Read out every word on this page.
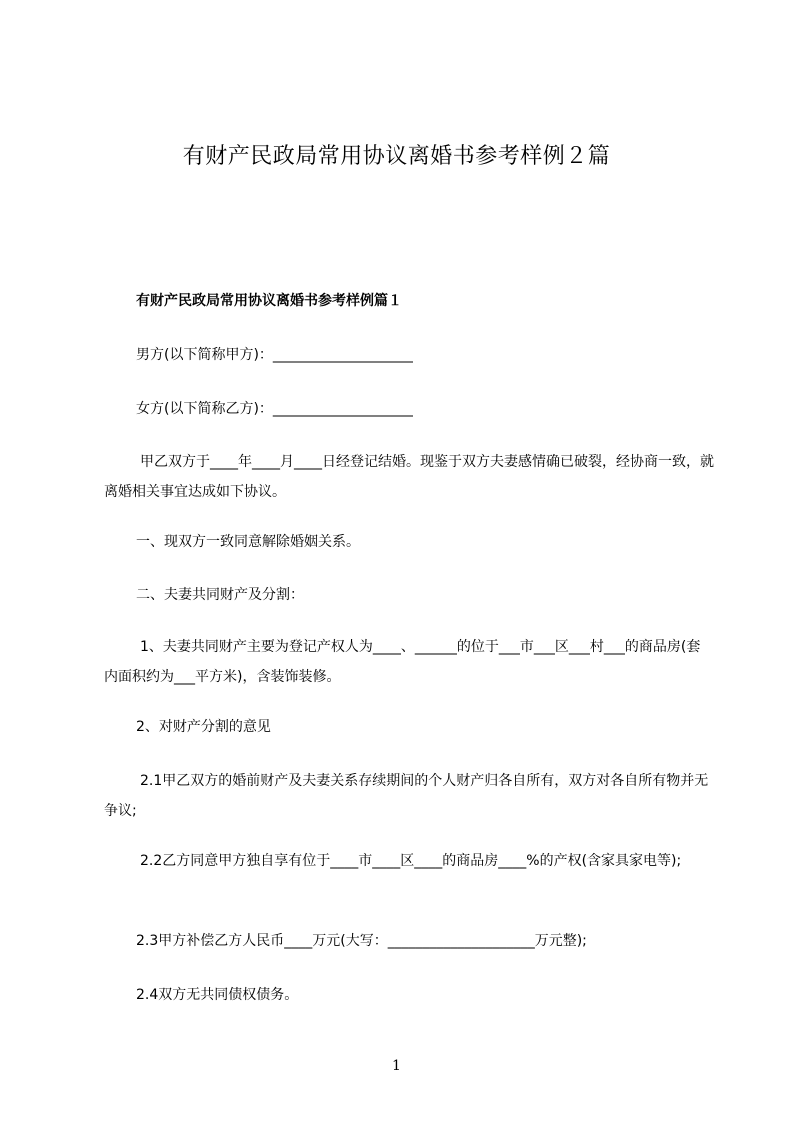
有财产民政局常用协议离婚书参考样例２篇
有财产民政局常用协议离婚书参考样例篇１
男方(以下简称甲方)：____________________
女方(以下简称乙方)：____________________
甲乙双方于____年____月____日经登记结婚。现鉴于双方夫妻感情确已破裂，经协商一致，就离婚相关事宜达成如下协议。
一、现双方一致同意解除婚姻关系。
二、夫妻共同财产及分割：
1、夫妻共同财产主要为登记产权人为____、______的位于___市___区___村___的商品房(套内面积约为___平方米)，含装饰装修。
2、对财产分割的意见
2.1甲乙双方的婚前财产及夫妻关系存续期间的个人财产归各自所有，双方对各自所有物并无争议;
2.2乙方同意甲方独自享有位于____市____区____的商品房____%的产权(含家具家电等);
2.3甲方补偿乙方人民币____万元(大写：_____________________万元整);
2.4双方无共同债权债务。
1
